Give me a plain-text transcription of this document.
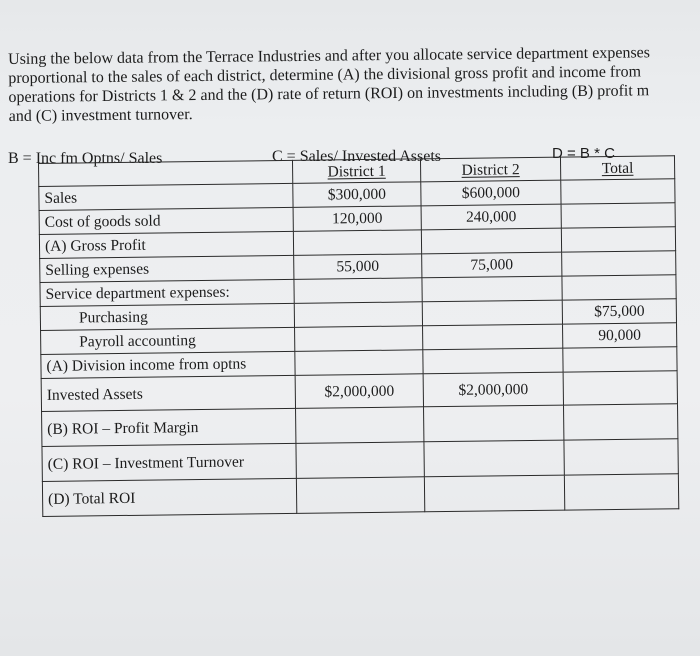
Using the below data from the Terrace Industries and after you allocate service department expenses
proportional to the sales of each district, determine (A) the divisional gross profit and income from
operations for Districts 1 & 2 and the (D) rate of return (ROI) on investments including (B) profit m
and (C) investment turnover.
B = Inc fm Optns/ Sales	C = Sales/ Invested Assets	D = B * C
	District 1	District 2	Total
Sales	$300,000	$600,000	
Cost of goods sold	120,000	240,000	
(A) Gross Profit			
Selling expenses	55,000	75,000	
Service department expenses:			
Purchasing			$75,000
Payroll accounting			90,000
(A) Division income from optns			
Invested Assets	$2,000,000	$2,000,000	
(B) ROI – Profit Margin			
(C) ROI – Investment Turnover			
(D) Total ROI			
